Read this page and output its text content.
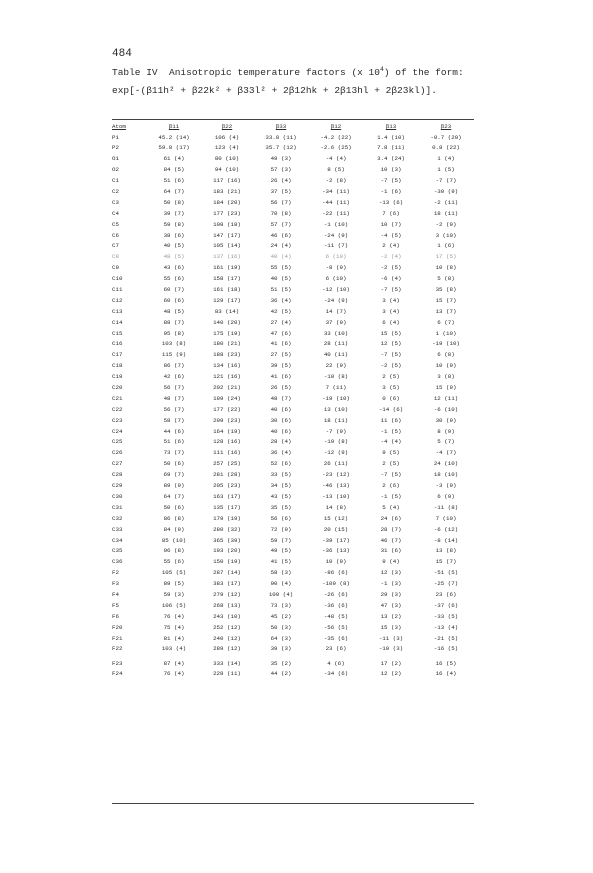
484
Table IV Anisotropic temperature factors (x $10^4$) of the form:
exp[-(β11h² + β22k² + β33l² + 2β12hk + 2β13hl + 2β23kl)].
Atom	β11	β22	β33	β12	β13	β23
P1	45.2 (14)	106 (4)	33.8 (11)	-4.2 (22)	1.4 (10)	-0.7 (20)
P2	59.8 (17)	123 (4)	35.7 (12)	-2.6 (25)	7.8 (11)	0.8 (22)
O1	61 (4)	80 (10)	49 (3)	-4 (4)	3.4 (24)	1 (4)
O2	84 (5)	94 (10)	57 (3)	8 (5)	10 (3)	1 (5)
C1	51 (6)	117 (16)	26 (4)	-2 (8)	-7 (5)	-7 (7)
C2	64 (7)	183 (21)	37 (5)	-34 (11)	-1 (6)	-30 (9)
C3	50 (8)	184 (20)	56 (7)	-44 (11)	-13 (6)	-2 (11)
C4	39 (7)	177 (23)	70 (8)	-22 (11)	7 (6)	18 (11)
C5	59 (8)	108 (18)	57 (7)	-1 (10)	10 (7)	-2 (9)
C6	38 (6)	147 (17)	46 (6)	-24 (9)	-4 (5)	3 (10)
C7	40 (5)	105 (14)	24 (4)	-11 (7)	2 (4)	1 (6)
C8	48 (5)	137 (16)	40 (4)	6 (10)	-2 (4)	17 (5)
C9	43 (6)	161 (19)	55 (5)	-8 (9)	-2 (5)	10 (8)
C10	55 (6)	158 (17)	40 (5)	6 (10)	-6 (4)	5 (8)
C11	60 (7)	161 (18)	51 (5)	-12 (10)	-7 (5)	35 (8)
C12	60 (6)	129 (17)	36 (4)	-24 (9)	3 (4)	15 (7)
C13	48 (5)	83 (14)	42 (5)	14 (7)	3 (4)	13 (7)
C14	88 (7)	140 (20)	27 (4)	37 (9)	6 (4)	6 (7)
C15	95 (8)	175 (19)	47 (6)	33 (10)	15 (5)	1 (10)
C16	103 (8)	180 (21)	41 (6)	28 (11)	12 (5)	-19 (10)
C17	115 (9)	188 (23)	27 (5)	40 (11)	-7 (5)	6 (8)
C18	86 (7)	134 (16)	39 (5)	22 (9)	-2 (5)	10 (9)
C19	42 (6)	121 (16)	41 (6)	-10 (8)	2 (5)	3 (8)
C20	56 (7)	202 (21)	26 (5)	7 (11)	3 (5)	15 (9)
C21	48 (7)	199 (24)	48 (7)	-19 (10)	0 (6)	12 (11)
C22	56 (7)	177 (22)	40 (6)	13 (10)	-14 (6)	-6 (10)
C23	58 (7)	209 (23)	30 (6)	18 (11)	11 (6)	30 (9)
C24	44 (6)	164 (19)	40 (6)	-7 (9)	-1 (5)	8 (9)
C25	51 (6)	128 (16)	28 (4)	-19 (8)	-4 (4)	5 (7)
C26	73 (7)	111 (16)	36 (4)	-12 (9)	9 (5)	-4 (7)
C27	50 (6)	257 (25)	52 (6)	26 (11)	2 (5)	24 (10)
C28	69 (7)	281 (28)	33 (5)	-23 (12)	-7 (5)	18 (10)
C29	89 (9)	205 (23)	34 (5)	-46 (13)	2 (6)	-3 (9)
C30	64 (7)	163 (17)	43 (5)	-13 (10)	-1 (5)	6 (9)
C31	50 (6)	135 (17)	35 (5)	14 (8)	5 (4)	-11 (8)
C32	86 (8)	179 (19)	56 (6)	15 (12)	24 (6)	7 (10)
C33	84 (9)	280 (32)	72 (9)	20 (15)	28 (7)	-6 (12)
C34	85 (10)	365 (39)	59 (7)	-39 (17)	46 (7)	-8 (14)
C35	96 (8)	193 (20)	49 (5)	-36 (13)	31 (6)	13 (8)
C36	55 (6)	150 (19)	41 (5)	10 (9)	9 (4)	15 (7)
F2	105 (5)	287 (14)	58 (3)	-86 (6)	12 (3)	-51 (5)
F3	89 (5)	383 (17)	90 (4)	-109 (8)	-1 (3)	-25 (7)
F4	59 (3)	279 (12)	100 (4)	-26 (6)	29 (3)	23 (6)
F5	106 (5)	268 (13)	73 (3)	-36 (6)	47 (3)	-37 (6)
F6	76 (4)	243 (10)	45 (2)	-48 (5)	13 (2)	-33 (5)
F20	75 (4)	252 (12)	50 (3)	-56 (5)	15 (3)	-13 (4)
F21	81 (4)	240 (12)	64 (3)	-35 (6)	-11 (3)	-21 (5)
F22	103 (4)	289 (12)	39 (3)	23 (6)	-10 (3)	-16 (5)
F23	87 (4)	333 (14)	35 (2)	4 (6)	17 (2)	16 (5)
F24	76 (4)	228 (11)	44 (2)	-34 (6)	12 (2)	16 (4)
